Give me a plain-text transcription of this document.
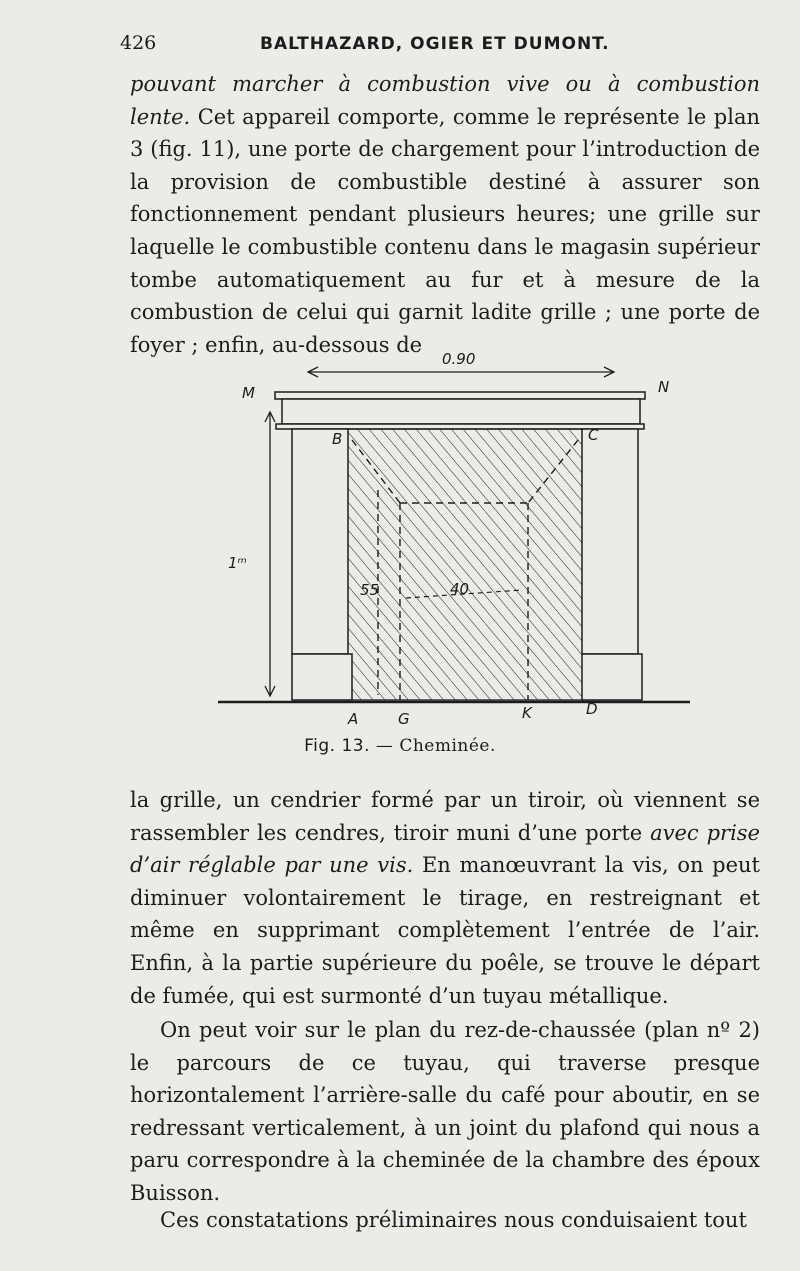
426	BALTHAZARD, OGIER ET DUMONT.

pouvant marcher à combustion vive ou à combustion lente. Cet appareil comporte, comme le représente le plan 3 (fig. 11), une porte de chargement pour l’introduction de la provision de combustible destiné à assurer son fonctionnement pendant plusieurs heures; une grille sur laquelle le combustible contenu dans le magasin supérieur tombe automatiquement au fur et à mesure de la combustion de celui qui garnit ladite grille ; une porte de foyer ; enfin, au-dessous de

0.90
40
55
1ᵐ
M	N
B	C
A	G	K	D
Fig. 13. — Cheminée.

la grille, un cendrier formé par un tiroir, où viennent se rassembler les cendres, tiroir muni d’une porte avec prise d’air réglable par une vis. En manœuvrant la vis, on peut diminuer volontairement le tirage, en restreignant et même en supprimant complètement l’entrée de l’air. Enfin, à la partie supérieure du poêle, se trouve le départ de fumée, qui est surmonté d’un tuyau métallique.

On peut voir sur le plan du rez-de-chaussée (plan nº 2) le parcours de ce tuyau, qui traverse presque horizontalement l’arrière-salle du café pour aboutir, en se redressant verticalement, à un joint du plafond qui nous a paru correspondre à la cheminée de la chambre des époux Buisson.

Ces constatations préliminaires nous conduisaient tout
